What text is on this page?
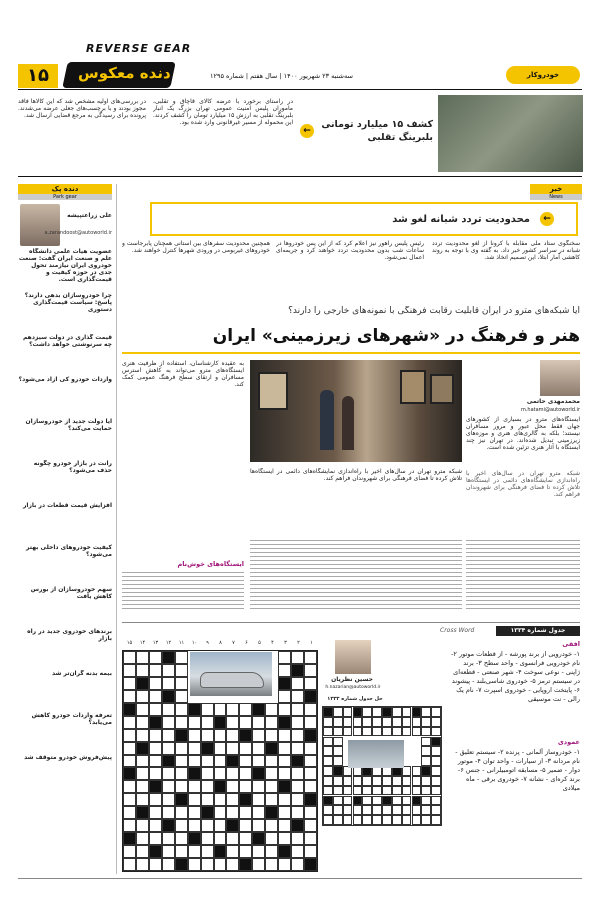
REVERSE GEAR
۱۵	دنده معکوس	سه‌شنبه ۲۳ شهریور ۱۴۰۰ | سال هفتم | شماره ۱۲۹۵	خودروکار
کشف ۱۵ میلیارد تومانی بلبرینگ تقلبی
←
در راستای برخورد با عرضه کالای قاچاق و تقلبی، ماموران پلیس امنیت عمومی تهران بزرگ یک انبار بلبرینگ تقلبی به ارزش ۱۵ میلیارد تومان را کشف کردند. این محموله از مسیر غیرقانونی وارد شده بود.
در بررسی‌های اولیه مشخص شد که این کالاها فاقد مجوز بودند و با برچسب‌های جعلی عرضه می‌شدند. پرونده برای رسیدگی به مرجع قضایی ارسال شد.
دنده پک
Park gear
علی زراعتپیشه
a.zarandoost@autoworld.ir
عضویت هیات علمی دانشگاه علم و صنعت ایران گفت: صنعت خودروی ایران نیازمند تحول جدی در حوزه کیفیت و قیمت‌گذاری است.
چرا خودروسازان بدهی دارند؟ پاسخ: سیاست قیمت‌گذاری دستوری
قیمت گذاری در دولت سیزدهم چه سرنوشتی خواهد داشت؟
واردات خودرو کی آزاد می‌شود؟
آیا دولت جدید از خودروسازان حمایت می‌کند؟
رانت در بازار خودرو چگونه حذف می‌شود؟
افزایش قیمت قطعات در بازار
کیفیت خودروهای داخلی بهتر می‌شود؟
سهم خودروسازان از بورس کاهش یافت
برندهای خودروی جدید در راه بازار
بیمه بدنه گران‌تر شد
تعرفه واردات خودرو کاهش می‌یابد؟
پیش‌فروش خودرو متوقف شد
خبر
News
محدودیت تردد شبانه لغو شد	←
سخنگوی ستاد ملی مقابله با کرونا از لغو محدودیت تردد شبانه در سراسر کشور خبر داد. به گفته وی با توجه به روند کاهشی آمار ابتلا، این تصمیم اتخاذ شد.
رئیس پلیس راهور نیز اعلام کرد که از این پس خودروها در ساعات شب بدون محدودیت تردد خواهند کرد و جریمه‌ای اعمال نمی‌شود.
همچنین محدودیت سفرهای بین استانی همچنان پابرجاست و خودروهای غیربومی در ورودی شهرها کنترل خواهند شد.
آیا شبکه‌های مترو در ایران قابلیت رقابت فرهنگی با نمونه‌های خارجی را دارند؟
هنر و فرهنگ در «شهرهای زیرزمینی» ایران
محمدمهدی حاتمی
m.hatami@autoworld.ir
ایستگاه‌های مترو در بسیاری از کشورهای جهان فقط محل عبور و مرور مسافران نیستند؛ بلکه به گالری‌های هنری و موزه‌های زیرزمینی تبدیل شده‌اند. در تهران نیز چند ایستگاه با آثار هنری تزئین شده است.
شبکه مترو تهران در سال‌های اخیر با راه‌اندازی نمایشگاه‌های دائمی در ایستگاه‌ها تلاش کرده تا فضای فرهنگی برای شهروندان فراهم کند.
به عقیده کارشناسان، استفاده از ظرفیت هنری ایستگاه‌های مترو می‌تواند به کاهش استرس مسافران و ارتقای سطح فرهنگ عمومی کمک کند.
شبکه مترو تهران در سال‌های اخیر با راه‌اندازی نمایشگاه‌های دائمی در ایستگاه‌ها تلاش کرده تا فضای فرهنگی برای شهروندان فراهم کند.
ایستگاه‌های خوش‌نام
جدول شماره ۱۳۳۴
Cross Word
۱
۲
۳
۴
۵
۶
۷
۸
۹
۱۰
۱۱
۱۲
۱۳
۱۴
۱۵
حسین نظریان
h.nazarian@autoworld.ir
حل جدول شماره ۱۳۳۳
افقی
۱- خودرویی از برند پورشه - از قطعات موتور ۲- نام خودرویی فرانسوی - واحد سطح ۳- برند ژاپنی - نوعی سوخت ۴- شهر صنعتی - قطعه‌ای در سیستم ترمز ۵- خودروی شاسی‌بلند - پیشوند ۶- پایتخت اروپایی - خودروی اسپرت ۷- نام یک رالی - نت موسیقی
عمودی
۱- خودروساز آلمانی - پرنده ۲- سیستم تعلیق - نام مردانه ۳- از سیارات - واحد توان ۴- موتور دوار - ضمیر ۵- مسابقه اتومبیلرانی - جنس ۶- برند کره‌ای - نشانه ۷- خودروی برقی - ماه میلادی
